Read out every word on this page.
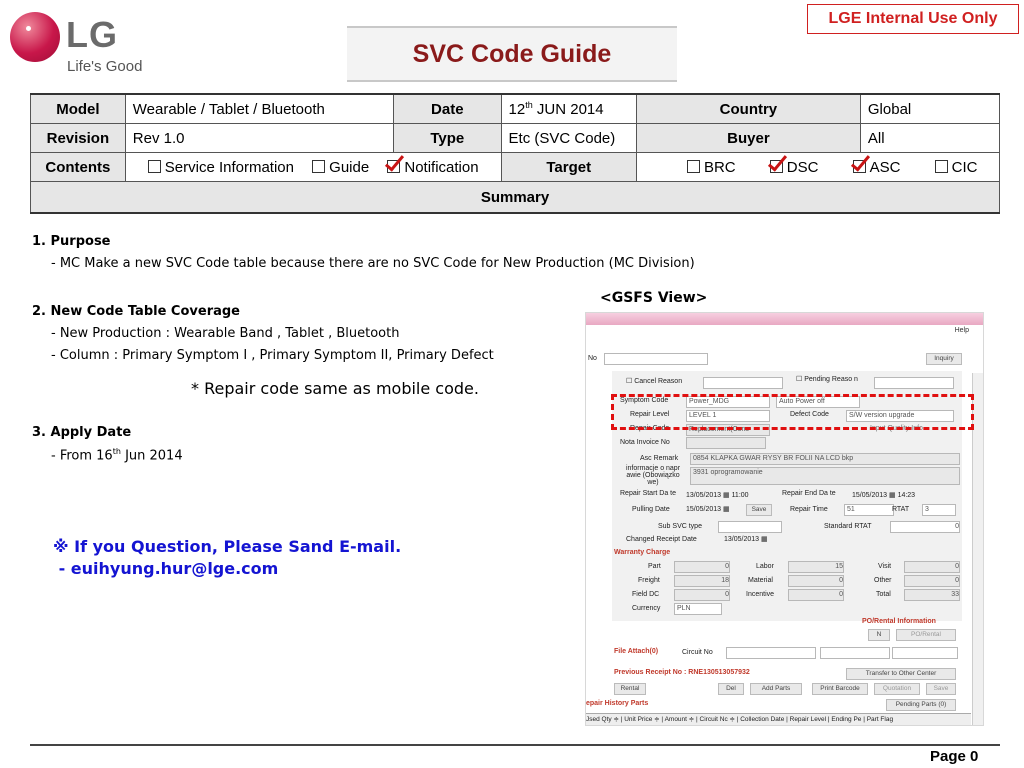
LG
Life's Good
LGE Internal Use Only
SVC Code Guide
Model	Wearable / Tablet / Bluetooth	Date	12th JUN 2014	Country	Global
Revision	Rev 1.0	Type	Etc (SVC Code)	Buyer	All
Contents	Service Information Guide Notification		Target	BRC DSC ASC CIC	
Summary					
1. Purpose
- MC Make a new SVC Code table because there are no SVC Code for New Production (MC Division)
2. New Code Table Coverage
- New Production : Wearable Band , Tablet , Bluetooth
- Column : Primary Symptom I , Primary Symptom II, Primary Defect
* Repair code same as mobile code.
3. Apply Date
- From 16th Jun 2014
※ If you Question, Please Sand E-mail.
- euihyung.hur@lge.com
<GSFS View>
Help
No	Inquiry
☐ Cancel Reason	☐ Pending Reaso n
Symptom Code	Power_MDG	Auto Power off
Repair Level	LEVEL 1	Defect Code	S/W version upgrade
Repair Code	Replacement(Cons	Input Quality Info.
Nota Invoice No
Asc Remark	0854 KLAPKA GWAR RYSY BR FOLII NA LCD bkp
informacje o napr awie (Obowiązko we)
3931 oprogramowanie
Repair Start Da te 13/05/2013 ▦ 11:00	Repair End Da te 15/05/2013 ▦ 14:23
Pulling Date 15/05/2013 ▦	Save	Repair Time	51	RTAT	3
Sub SVC type	Standard RTAT	0
Changed Receipt Date	13/05/2013 ▦
Warranty Charge
Part	0	Labor	15	Visit	0
Freight	18	Material	0	Other	0
Field DC	0 Incentive	0	Total	33
Currency	PLN
PO/Rental Information
N	PO/Rental
File Attach(0)	Circuit No
Previous Receipt No : RNE130513057932	Transfer to Other Center
Rental	Del	Add Parts	Print Barcode	Quotation	Save
epair History Parts	Pending Parts (0)
Jsed Qty ≑ | Unit Price ≑ | Amount ≑ | Circuit Nc ≑ | Collection Date | Repair Level | Ending Pe | Part Flag
Page 0
